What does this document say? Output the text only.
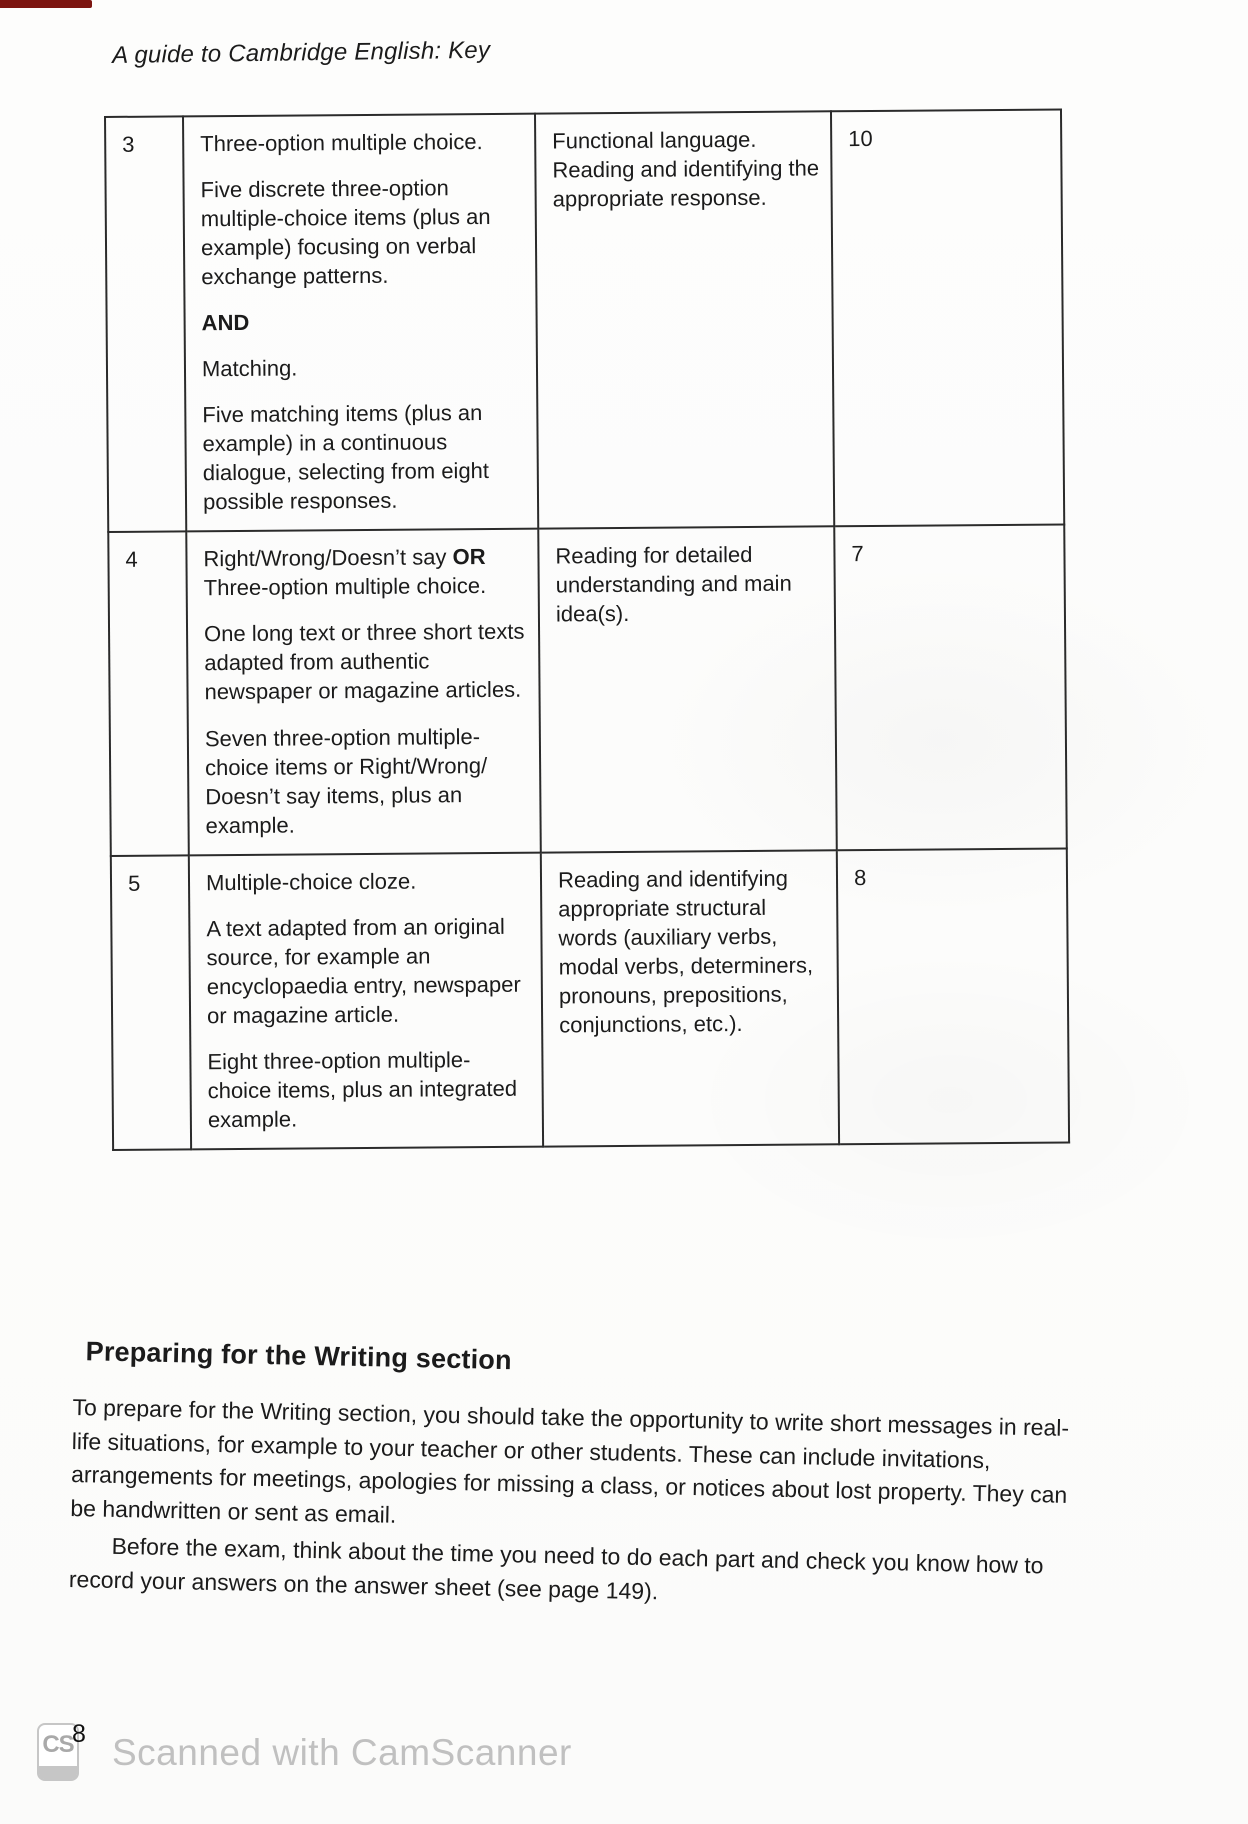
A guide to Cambridge English: Key
3	Three-option multiple choice.

Five discrete three-option multiple-choice items (plus an example) focusing on verbal exchange patterns.

AND

Matching.

Five matching items (plus an example) in a continuous dialogue, selecting from eight possible responses.	Functional language. Reading and identifying the appropriate response.	10
4	Right/Wrong/Doesn’t say OR Three-option multiple choice.

One long text or three short texts adapted from authentic newspaper or magazine articles.

Seven three-option multiple-choice items or Right/Wrong/ Doesn’t say items, plus an example.	Reading for detailed understanding and main idea(s).	7
5	Multiple-choice cloze.

A text adapted from an original source, for example an encyclopaedia entry, newspaper or magazine article.

Eight three-option multiple-choice items, plus an integrated example.	Reading and identifying appropriate structural words (auxiliary verbs, modal verbs, determiners, pronouns, prepositions, conjunctions, etc.).	8
Preparing for the Writing section

To prepare for the Writing section, you should take the opportunity to write short messages in real-life situations, for example to your teacher or other students. These can include invitations, arrangements for meetings, apologies for missing a class, or notices about lost property. They can be handwritten or sent as email.

Before the exam, think about the time you need to do each part and check you know how to record your answers on the answer sheet (see page 149).

CS
8 Scanned with CamScanner
